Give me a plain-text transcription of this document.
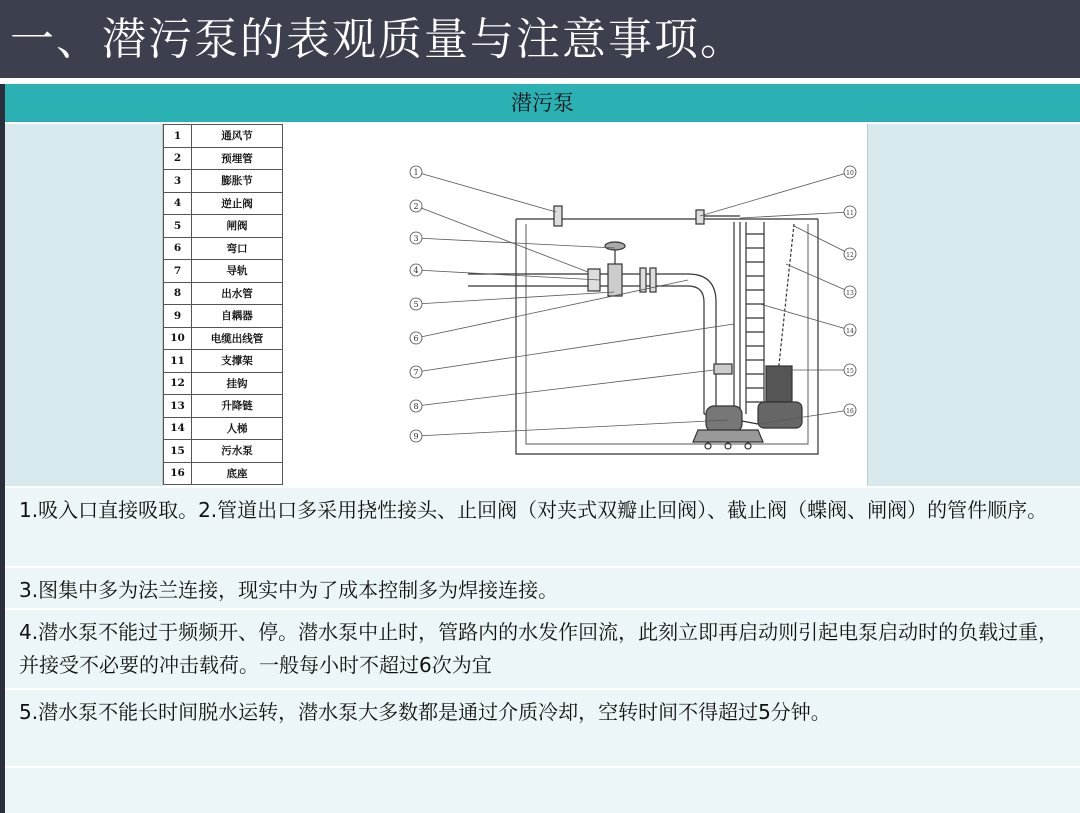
一、潜污泵的表观质量与注意事项。
潜污泵
1	通风节
2	预埋管
3	膨胀节
4	逆止阀
5	闸阀
6	弯口
7	导轨
8	出水管
9	自耦器
10	电缆出线管
11	支撑架
12	挂钩
13	升降链
14	人梯
15	污水泵
16	底座
1
2
3
4
5
6
7
8
9
10
11
12
13
14
15
16
1.吸入口直接吸取。2.管道出口多采用挠性接头、止回阀（对夹式双瓣止回阀）、截止阀（蝶阀、闸阀）的管件顺序。
3.图集中多为法兰连接，现实中为了成本控制多为焊接连接。
4.潜水泵不能过于频频开、停。潜水泵中止时，管路内的水发作回流，此刻立即再启动则引起电泵启动时的负载过重，并接受不必要的冲击载荷。一般每小时不超过6次为宜
5.潜水泵不能长时间脱水运转，潜水泵大多数都是通过介质冷却，空转时间不得超过5分钟。
